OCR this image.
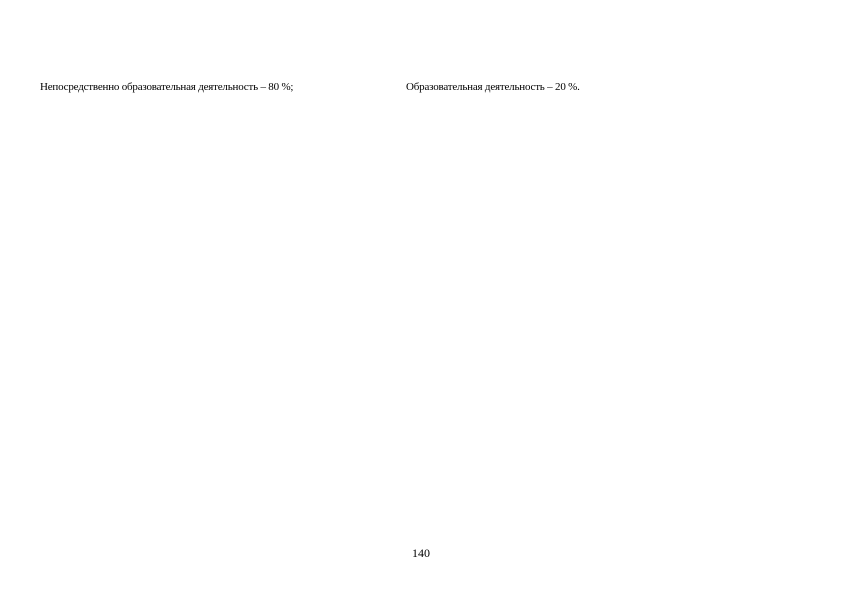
Непосредственно образовательная деятельность – 80 %;	Образовательная деятельность – 20 %.
140
